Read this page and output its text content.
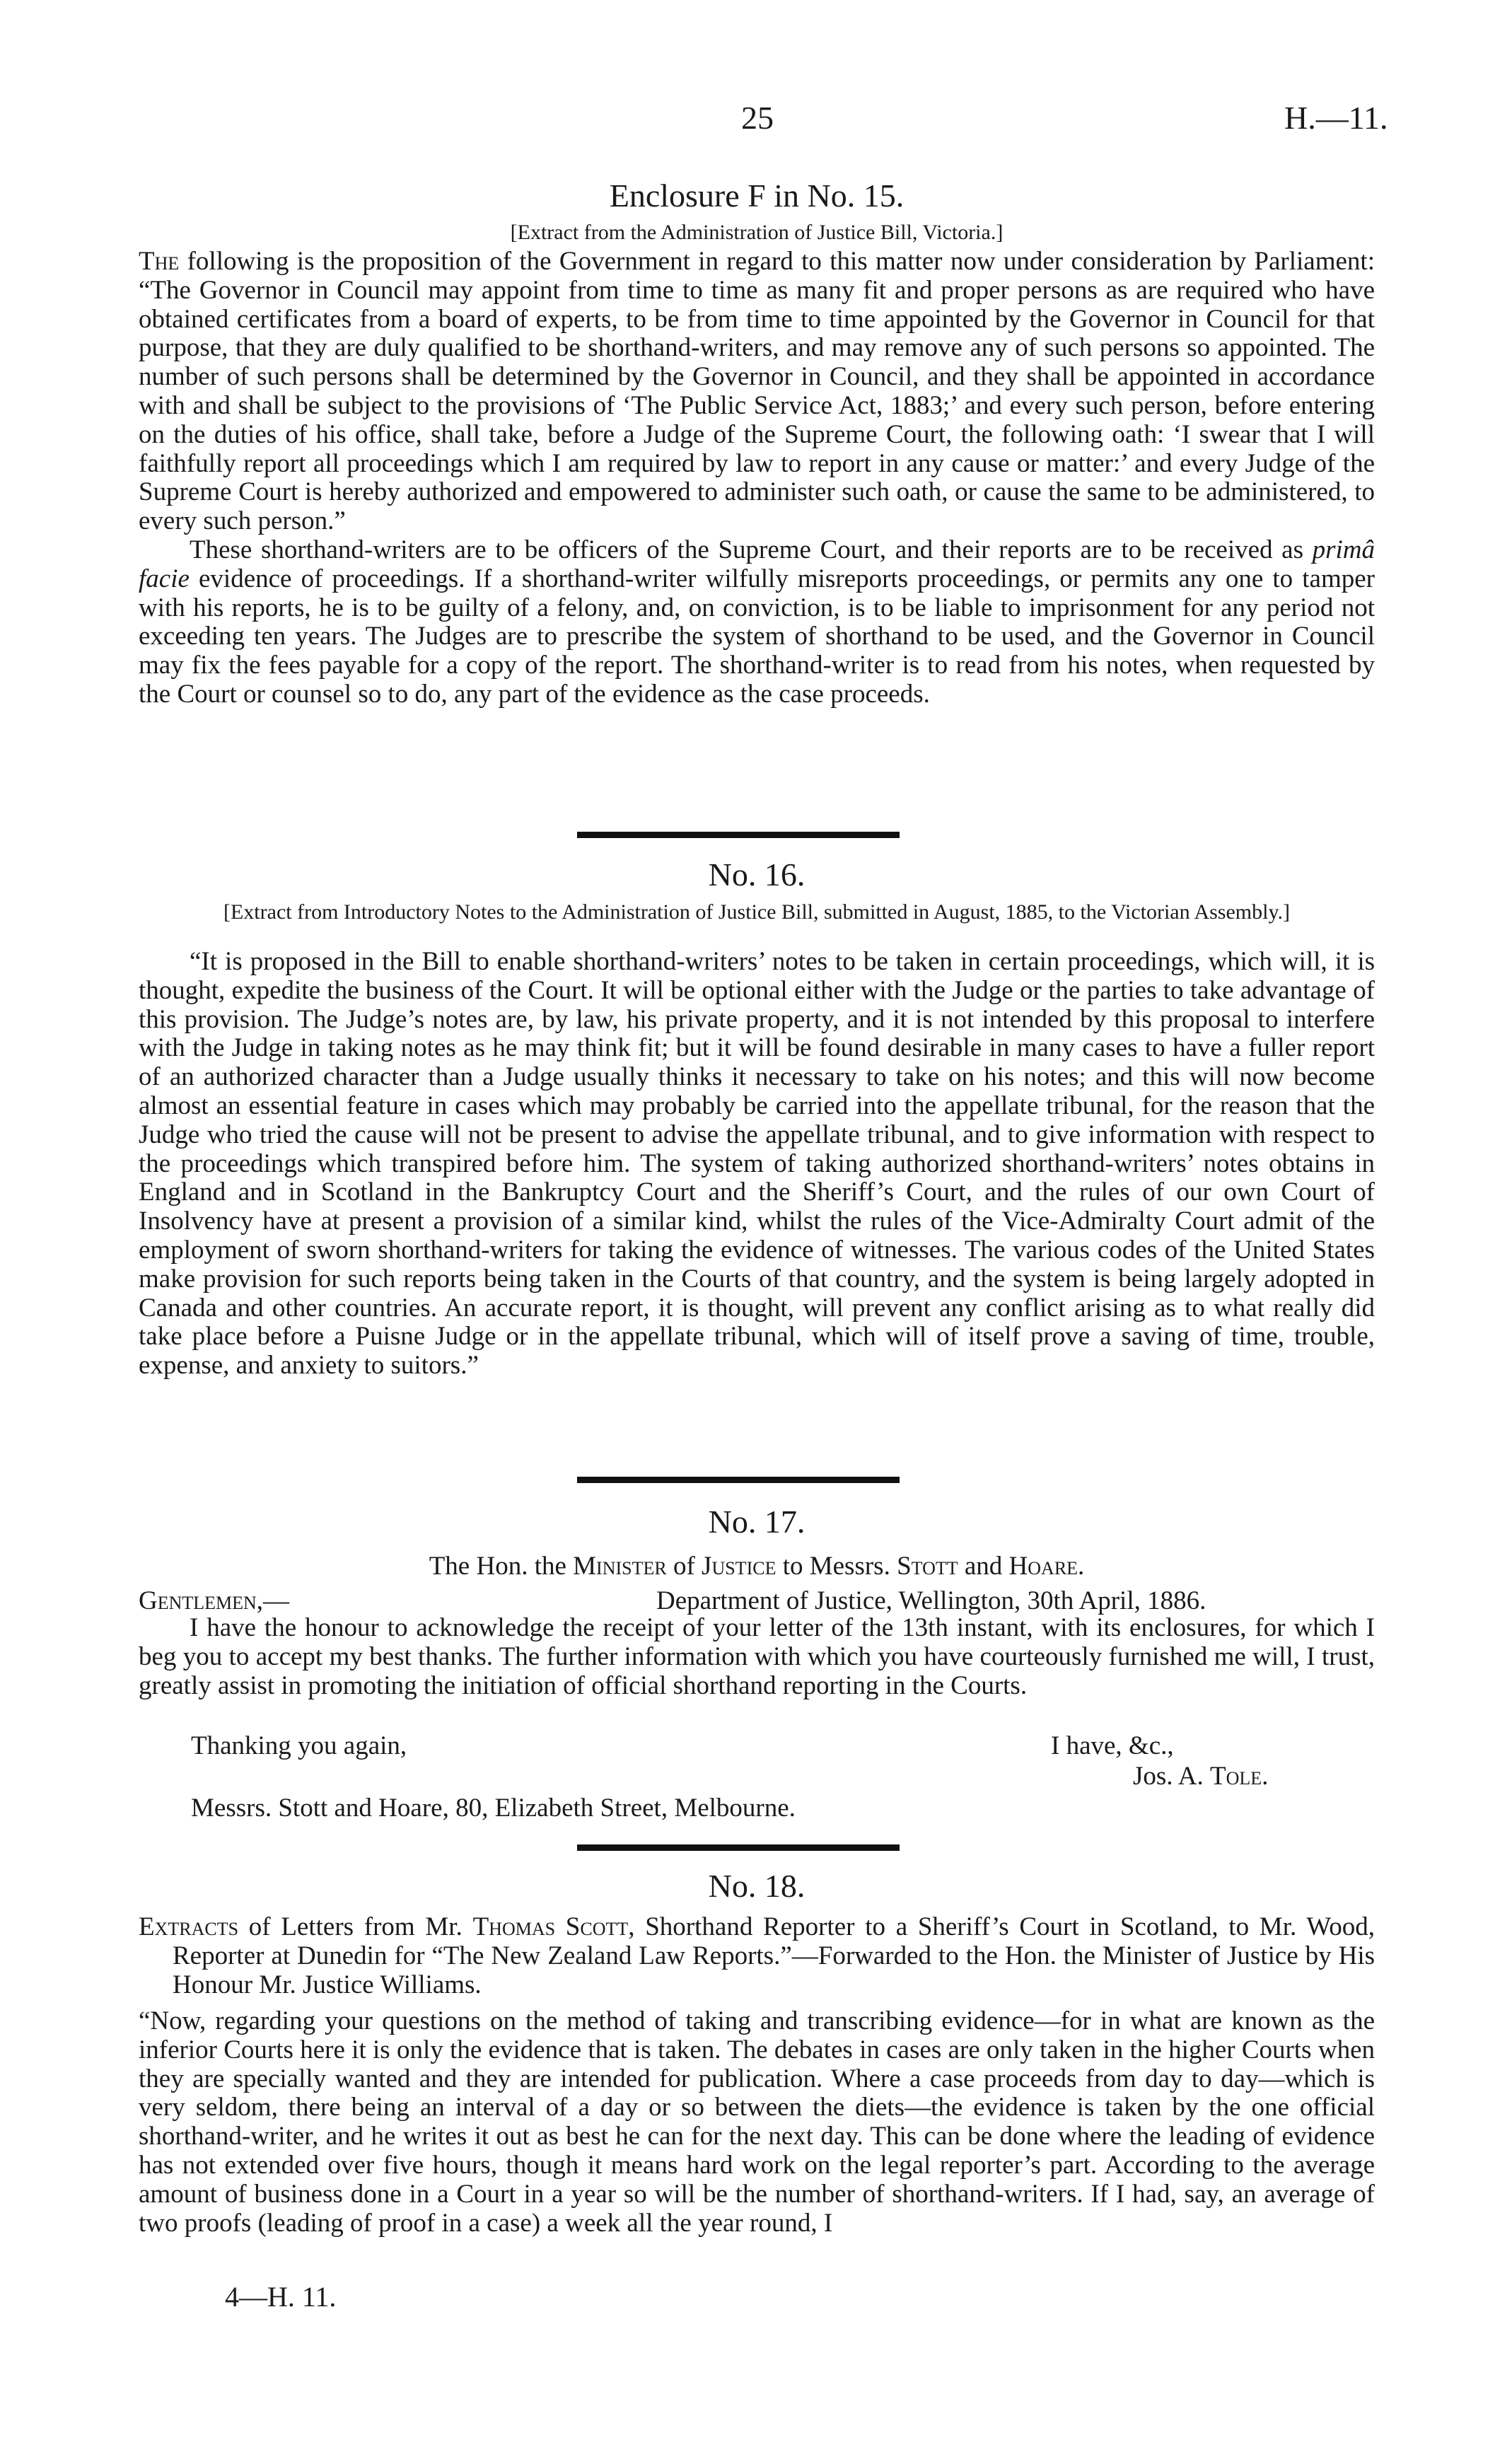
25	H.—11.
Enclosure F in No. 15.
[Extract from the Administration of Justice Bill, Victoria.]

The following is the proposition of the Government in regard to this matter now under consideration by Parliament: “The Governor in Council may appoint from time to time as many fit and proper persons as are required who have obtained certificates from a board of experts, to be from time to time appointed by the Governor in Council for that purpose, that they are duly qualified to be shorthand-writers, and may remove any of such persons so appointed. The number of such persons shall be determined by the Governor in Council, and they shall be appointed in accordance with and shall be subject to the provisions of ‘The Public Service Act, 1883;’ and every such person, before entering on the duties of his office, shall take, before a Judge of the Supreme Court, the following oath: ‘I swear that I will faithfully report all proceedings which I am required by law to report in any cause or matter:’ and every Judge of the Supreme Court is hereby authorized and empowered to administer such oath, or cause the same to be administered, to every such person.”

These shorthand-writers are to be officers of the Supreme Court, and their reports are to be received as primâ facie evidence of proceedings. If a shorthand-writer wilfully misreports proceedings, or permits any one to tamper with his reports, he is to be guilty of a felony, and, on conviction, is to be liable to imprisonment for any period not exceeding ten years. The Judges are to prescribe the system of shorthand to be used, and the Governor in Council may fix the fees payable for a copy of the report. The shorthand-writer is to read from his notes, when requested by the Court or counsel so to do, any part of the evidence as the case proceeds.

No. 16.
[Extract from Introductory Notes to the Administration of Justice Bill, submitted in August, 1885, to the Victorian Assembly.]

“It is proposed in the Bill to enable shorthand-writers’ notes to be taken in certain proceedings, which will, it is thought, expedite the business of the Court. It will be optional either with the Judge or the parties to take advantage of this provision. The Judge’s notes are, by law, his private property, and it is not intended by this proposal to interfere with the Judge in taking notes as he may think fit; but it will be found desirable in many cases to have a fuller report of an authorized character than a Judge usually thinks it necessary to take on his notes; and this will now become almost an essential feature in cases which may probably be carried into the appellate tribunal, for the reason that the Judge who tried the cause will not be present to advise the appellate tribunal, and to give information with respect to the proceedings which transpired before him. The system of taking authorized shorthand-writers’ notes obtains in England and in Scotland in the Bankruptcy Court and the Sheriff’s Court, and the rules of our own Court of Insolvency have at present a provision of a similar kind, whilst the rules of the Vice-Admiralty Court admit of the employment of sworn shorthand-writers for taking the evidence of witnesses. The various codes of the United States make provision for such reports being taken in the Courts of that country, and the system is being largely adopted in Canada and other countries. An accurate report, it is thought, will prevent any conflict arising as to what really did take place before a Puisne Judge or in the appellate tribunal, which will of itself prove a saving of time, trouble, expense, and anxiety to suitors.”

No. 17.
The Hon. the Minister of Justice to Messrs. Stott and Hoare.
Gentlemen,—	Department of Justice, Wellington, 30th April, 1886.

I have the honour to acknowledge the receipt of your letter of the 13th instant, with its enclosures, for which I beg you to accept my best thanks. The further information with which you have courteously furnished me will, I trust, greatly assist in promoting the initiation of official shorthand reporting in the Courts.

Thanking you again,	I have, &c.,
Jos. A. Tole.
Messrs. Stott and Hoare, 80, Elizabeth Street, Melbourne.
No. 18.

Extracts of Letters from Mr. Thomas Scott, Shorthand Reporter to a Sheriff’s Court in Scotland, to Mr. Wood, Reporter at Dunedin for “The New Zealand Law Reports.”—Forwarded to the Hon. the Minister of Justice by His Honour Mr. Justice Williams.

“Now, regarding your questions on the method of taking and transcribing evidence—for in what are known as the inferior Courts here it is only the evidence that is taken. The debates in cases are only taken in the higher Courts when they are specially wanted and they are intended for publication. Where a case proceeds from day to day—which is very seldom, there being an interval of a day or so between the diets—the evidence is taken by the one official shorthand-writer, and he writes it out as best he can for the next day. This can be done where the leading of evidence has not extended over five hours, though it means hard work on the legal reporter’s part. According to the average amount of business done in a Court in a year so will be the number of shorthand-writers. If I had, say, an average of two proofs (leading of proof in a case) a week all the year round, I

4—H. 11.
